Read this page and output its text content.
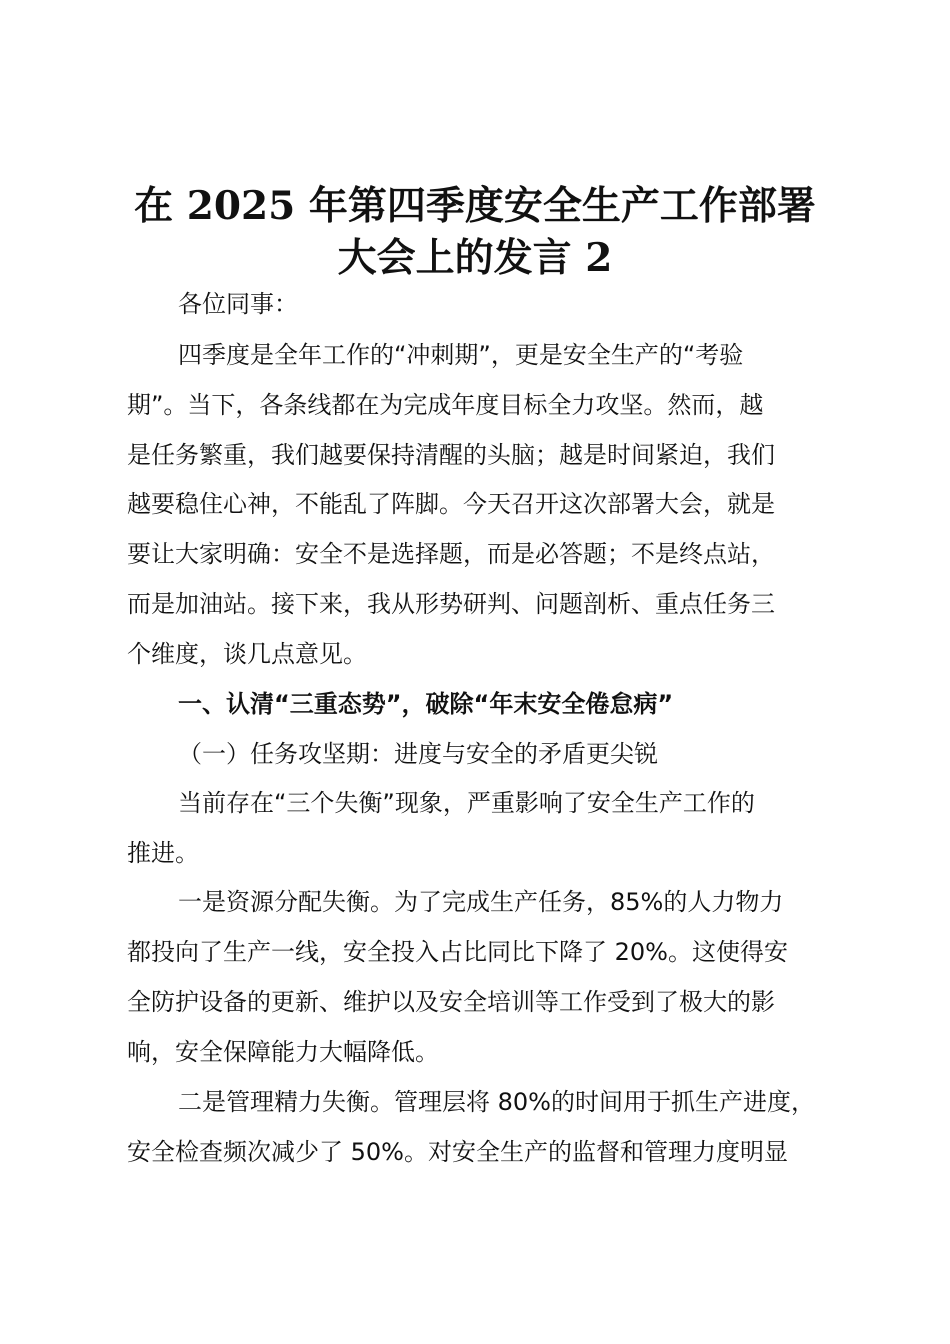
在 2025 年第四季度安全生产工作部署
大会上的发言 2

各位同事：

四季度是全年工作的“冲刺期”，更是安全生产的“考验

期”。当下，各条线都在为完成年度目标全力攻坚。然而，越

是任务繁重，我们越要保持清醒的头脑；越是时间紧迫，我们

越要稳住心神，不能乱了阵脚。今天召开这次部署大会，就是

要让大家明确：安全不是选择题，而是必答题；不是终点站，

而是加油站。接下来，我从形势研判、问题剖析、重点任务三

个维度，谈几点意见。

一、认清“三重态势”，破除“年末安全倦怠病”

（一）任务攻坚期：进度与安全的矛盾更尖锐

当前存在“三个失衡”现象，严重影响了安全生产工作的

推进。

一是资源分配失衡。为了完成生产任务，85%的人力物力

都投向了生产一线，安全投入占比同比下降了 20%。这使得安

全防护设备的更新、维护以及安全培训等工作受到了极大的影

响，安全保障能力大幅降低。

二是管理精力失衡。管理层将 80%的时间用于抓生产进度，

安全检查频次减少了 50%。对安全生产的监督和管理力度明显
